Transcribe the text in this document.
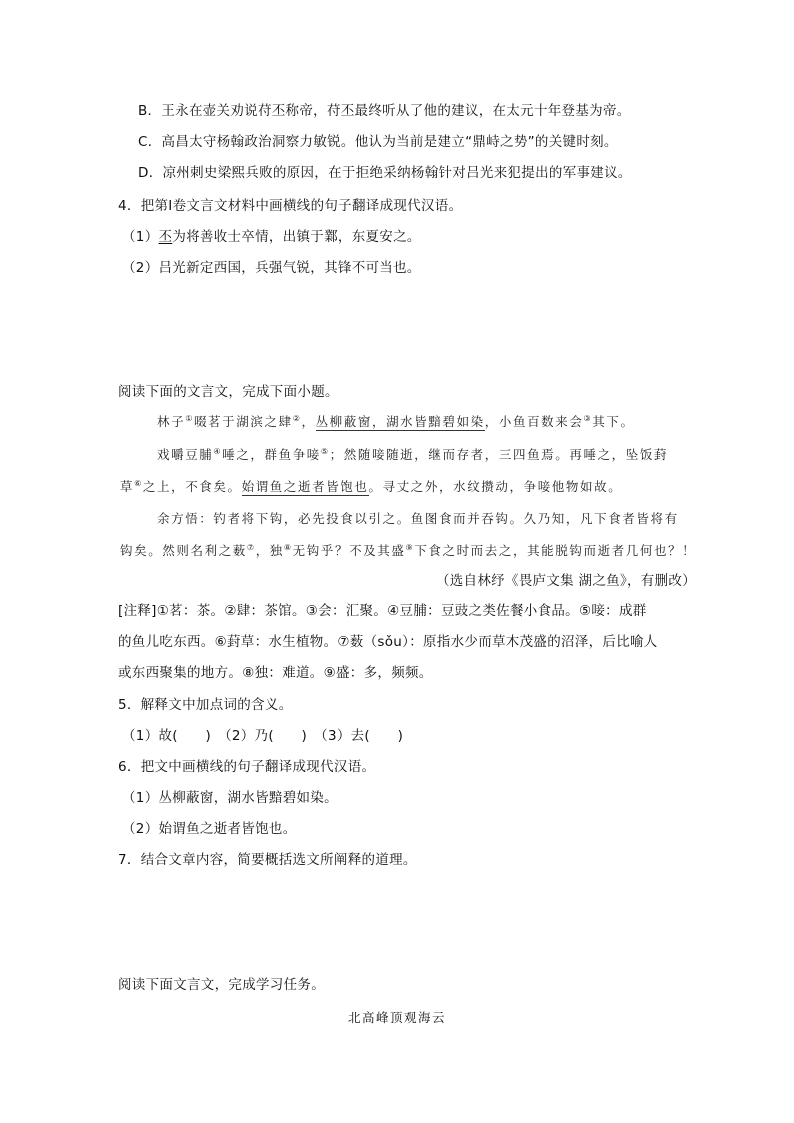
B．王永在壶关劝说苻丕称帝，苻丕最终听从了他的建议，在太元十年登基为帝。
C．高昌太守杨翰政治洞察力敏锐。他认为当前是建立“鼎峙之势”的关键时刻。
D．凉州刺史梁熙兵败的原因，在于拒绝采纳杨翰针对吕光来犯提出的军事建议。
4．把第Ⅰ卷文言文材料中画横线的句子翻译成现代汉语。
（1）丕为将善收士卒情，出镇于鄴，东夏安之。
（2）吕光新定西国，兵强气锐，其锋不可当也。
阅读下面的文言文，完成下面小题。
林子①啜茗于湖滨之肆②，丛柳蔽窗，湖水皆黯碧如染，小鱼百数来会③其下。
戏嚼豆脯④唾之，群鱼争唼⑤；然随唼随逝，继而存者，三四鱼焉。再唾之，坠饭葑
草⑥之上，不食矣。始谓鱼之逝者皆饱也。寻丈之外，水纹攒动，争唼他物如故。
余方悟：钓者将下钩，必先投食以引之。鱼图食而并吞钩。久乃知，凡下食者皆将有
钩矣。然则名利之薮⑦，独⑧无钩乎？不及其盛⑨下食之时而去之，其能脱钩而逝者几何也？！
（选自林纾《畏庐文集 湖之鱼》，有删改）
[注释]①茗：茶。②肆：茶馆。③会：汇聚。④豆脯：豆豉之类佐餐小食品。⑤唼：成群
的鱼儿吃东西。⑥葑草：水生植物。⑦薮（sǒu）：原指水少而草木茂盛的沼泽，后比喻人
或东西聚集的地方。⑧独：难道。⑨盛：多，频频。
5．解释文中加点词的含义。
（1）故(　　)　（2）乃(　　)　（3）去(　　)
6．把文中画横线的句子翻译成现代汉语。
（1）丛柳蔽窗，湖水皆黯碧如染。
（2）始谓鱼之逝者皆饱也。
7．结合文章内容，简要概括选文所阐释的道理。
阅读下面文言文，完成学习任务。
北高峰顶观海云
